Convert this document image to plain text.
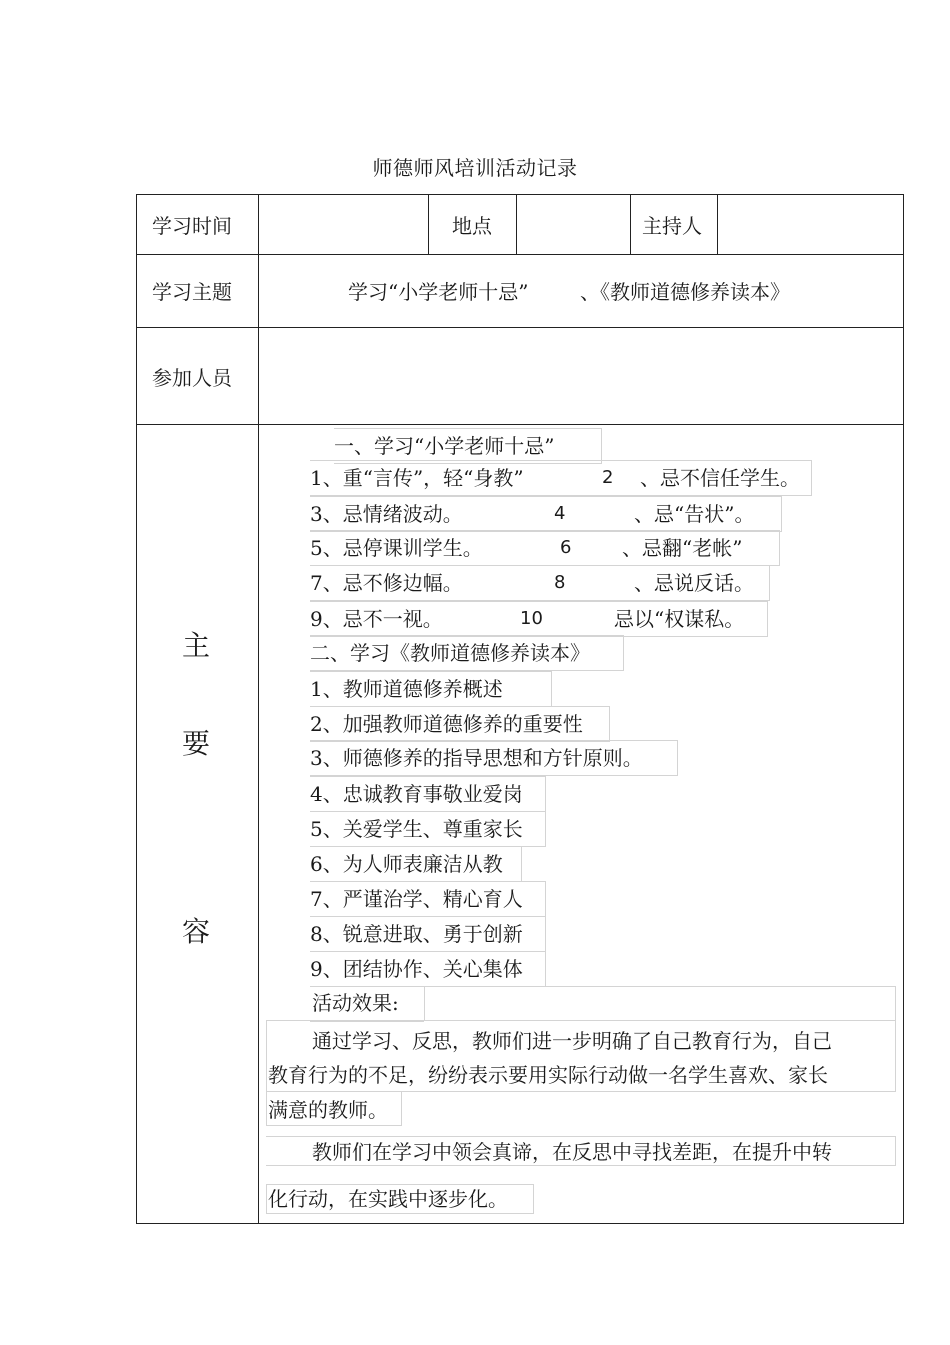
师德师风培训活动记录
学习时间	地点	主持人
学习主题	学习“小学老师十忌”	、《教师道德修养读本》
参加人员
主
要
容
一、学习“小学老师十忌”
1、重“言传”，轻“身教”	2 、忌不信任学生。
3、忌情绪波动。	4	、忌“告状”。
5、忌停课训学生。	6	、忌翻“老帐”
7、忌不修边幅。	8	、忌说反话。
9、忌不一视。	10	忌以“权谋私。
二、学习《教师道德修养读本》
1、教师道德修养概述
2、加强教师道德修养的重要性
3、师德修养的指导思想和方针原则。
4、忠诚教育事敬业爱岗
5、关爱学生、尊重家长
6、为人师表廉洁从教
7、严谨治学、精心育人
8、锐意进取、勇于创新
9、团结协作、关心集体
活动效果:
通过学习、反思，教师们进一步明确了自己教育行为，自己
教育行为的不足，纷纷表示要用实际行动做一名学生喜欢、家长
满意的教师。
教师们在学习中领会真谛，在反思中寻找差距，在提升中转
化行动，在实践中逐步化。
